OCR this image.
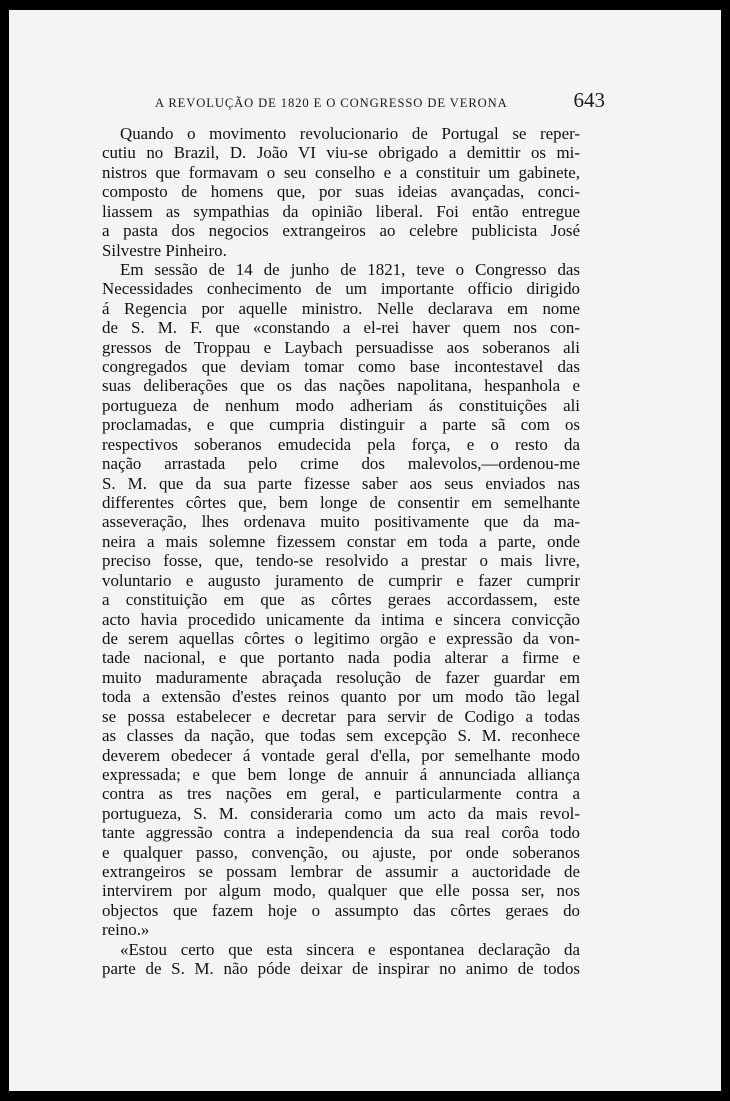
A REVOLUÇÃO DE 1820 E O CONGRESSO DE VERONA	643
Quando o movimento revolucionario de Portugal se reper-
cutiu no Brazil, D. João VI viu-se obrigado a demittir os mi-
nistros que formavam o seu conselho e a constituir um gabinete,
composto de homens que, por suas ideias avançadas, conci-
liassem as sympathias da opinião liberal. Foi então entregue
a pasta dos negocios extrangeiros ao celebre publicista José
Silvestre Pinheiro.
Em sessão de 14 de junho de 1821, teve o Congresso das
Necessidades conhecimento de um importante officio dirigido
á Regencia por aquelle ministro. Nelle declarava em nome
de S. M. F. que «constando a el-rei haver quem nos con-
gressos de Troppau e Laybach persuadisse aos soberanos ali
congregados que deviam tomar como base incontestavel das
suas deliberações que os das nações napolitana, hespanhola e
portugueza de nenhum modo adheriam ás constituições ali
proclamadas, e que cumpria distinguir a parte sã com os
respectivos soberanos emudecida pela força, e o resto da
nação arrastada pelo crime dos malevolos,—ordenou-me
S. M. que da sua parte fizesse saber aos seus enviados nas
differentes côrtes que, bem longe de consentir em semelhante
asseveração, lhes ordenava muito positivamente que da ma-
neira a mais solemne fizessem constar em toda a parte, onde
preciso fosse, que, tendo-se resolvido a prestar o mais livre,
voluntario e augusto juramento de cumprir e fazer cumprir
a constituição em que as côrtes geraes accordassem, este
acto havia procedido unicamente da intima e sincera convicção
de serem aquellas côrtes o legitimo orgão e expressão da von-
tade nacional, e que portanto nada podia alterar a firme e
muito maduramente abraçada resolução de fazer guardar em
toda a extensão d'estes reinos quanto por um modo tão legal
se possa estabelecer e decretar para servir de Codigo a todas
as classes da nação, que todas sem excepção S. M. reconhece
deverem obedecer á vontade geral d'ella, por semelhante modo
expressada; e que bem longe de annuir á annunciada alliança
contra as tres nações em geral, e particularmente contra a
portugueza, S. M. consideraria como um acto da mais revol-
tante aggressão contra a independencia da sua real corôa todo
e qualquer passo, convenção, ou ajuste, por onde soberanos
extrangeiros se possam lembrar de assumir a auctoridade de
intervirem por algum modo, qualquer que elle possa ser, nos
objectos que fazem hoje o assumpto das côrtes geraes do
reino.»
«Estou certo que esta sincera e espontanea declaração da
parte de S. M. não póde deixar de inspirar no animo de todos
